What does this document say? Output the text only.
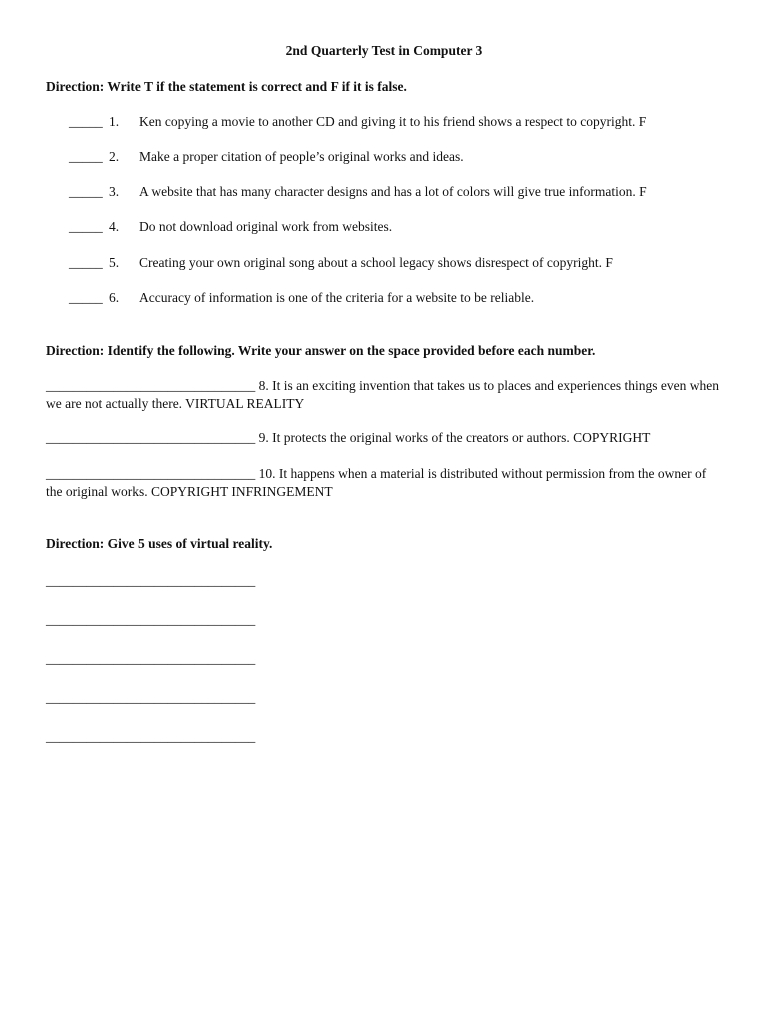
2nd Quarterly Test in Computer 3
Direction: Write T if the statement is correct and F if it is false.
_____ 1. Ken copying a movie to another CD and giving it to his friend shows a respect to copyright. F
_____ 2. Make a proper citation of people’s original works and ideas.
_____ 3. A website that has many character designs and has a lot of colors will give true information. F
_____ 4. Do not download original work from websites.
_____ 5. Creating your own original song about a school legacy shows disrespect of copyright. F
_____ 6. Accuracy of information is one of the criteria for a website to be reliable.
Direction: Identify the following. Write your answer on the space provided before each number.
_______________________________ 8. It is an exciting invention that takes us to places and experiences things even when we are not actually there. VIRTUAL REALITY
_______________________________ 9. It protects the original works of the creators or authors. COPYRIGHT
_______________________________ 10. It happens when a material is distributed without permission from the owner of the original works. COPYRIGHT INFRINGEMENT
Direction: Give 5 uses of virtual reality.
_______________________________
_______________________________
_______________________________
_______________________________
_______________________________
